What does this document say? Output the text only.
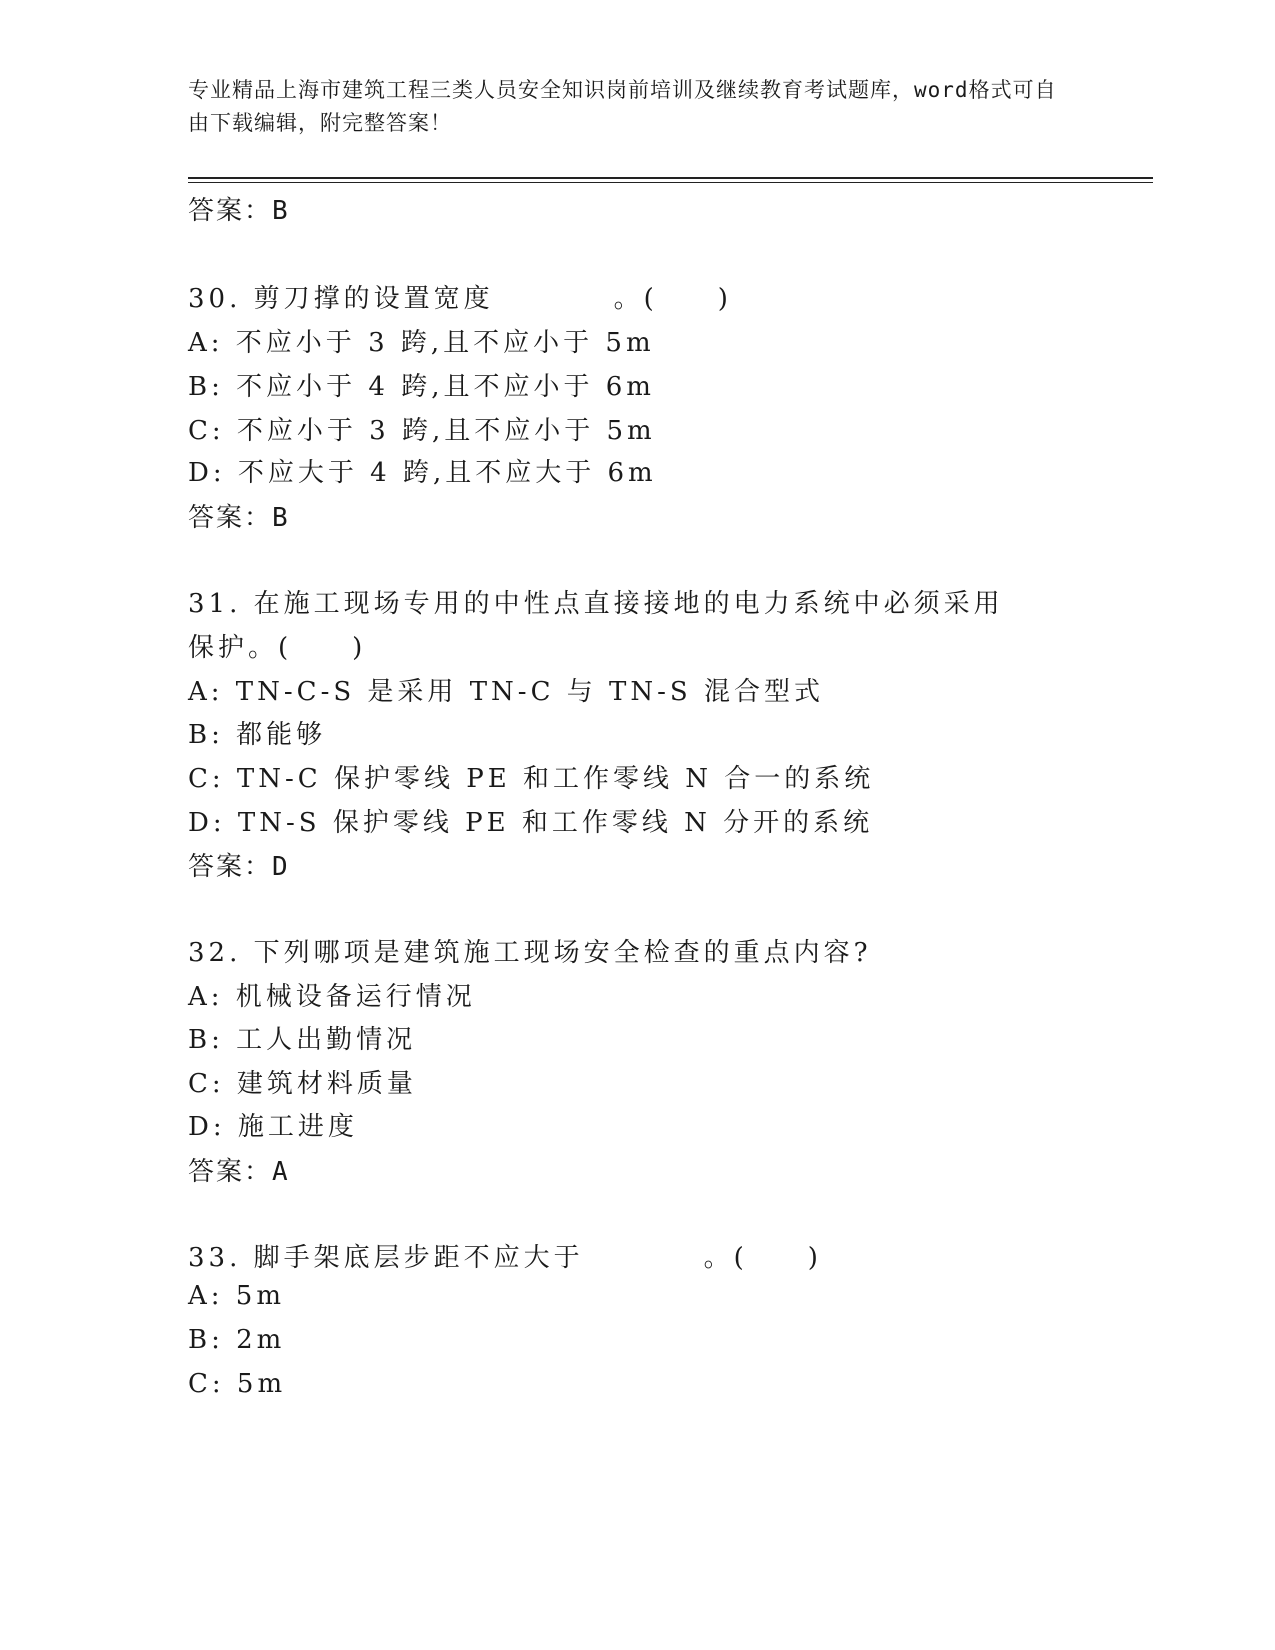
专业精品上海市建筑工程三类人员安全知识岗前培训及继续教育考试题库，word格式可自由下载编辑，附完整答案！
答案：B
30. 剪刀撑的设置宽度　　　　。(　　)
A: 不应小于 3 跨,且不应小于 5m
B: 不应小于 4 跨,且不应小于 6m
C: 不应小于 3 跨,且不应小于 5m
D: 不应大于 4 跨,且不应大于 6m
答案：B
31. 在施工现场专用的中性点直接接地的电力系统中必须采用
保护。(　　)
A: TN-C-S 是采用 TN-C 与 TN-S 混合型式
B: 都能够
C: TN-C 保护零线 PE 和工作零线 N 合一的系统
D: TN-S 保护零线 PE 和工作零线 N 分开的系统
答案：D
32. 下列哪项是建筑施工现场安全检查的重点内容?
A: 机械设备运行情况
B: 工人出勤情况
C: 建筑材料质量
D: 施工进度
答案：A
33. 脚手架底层步距不应大于　　　　。(　　)
A: 5m
B: 2m
C: 5m
